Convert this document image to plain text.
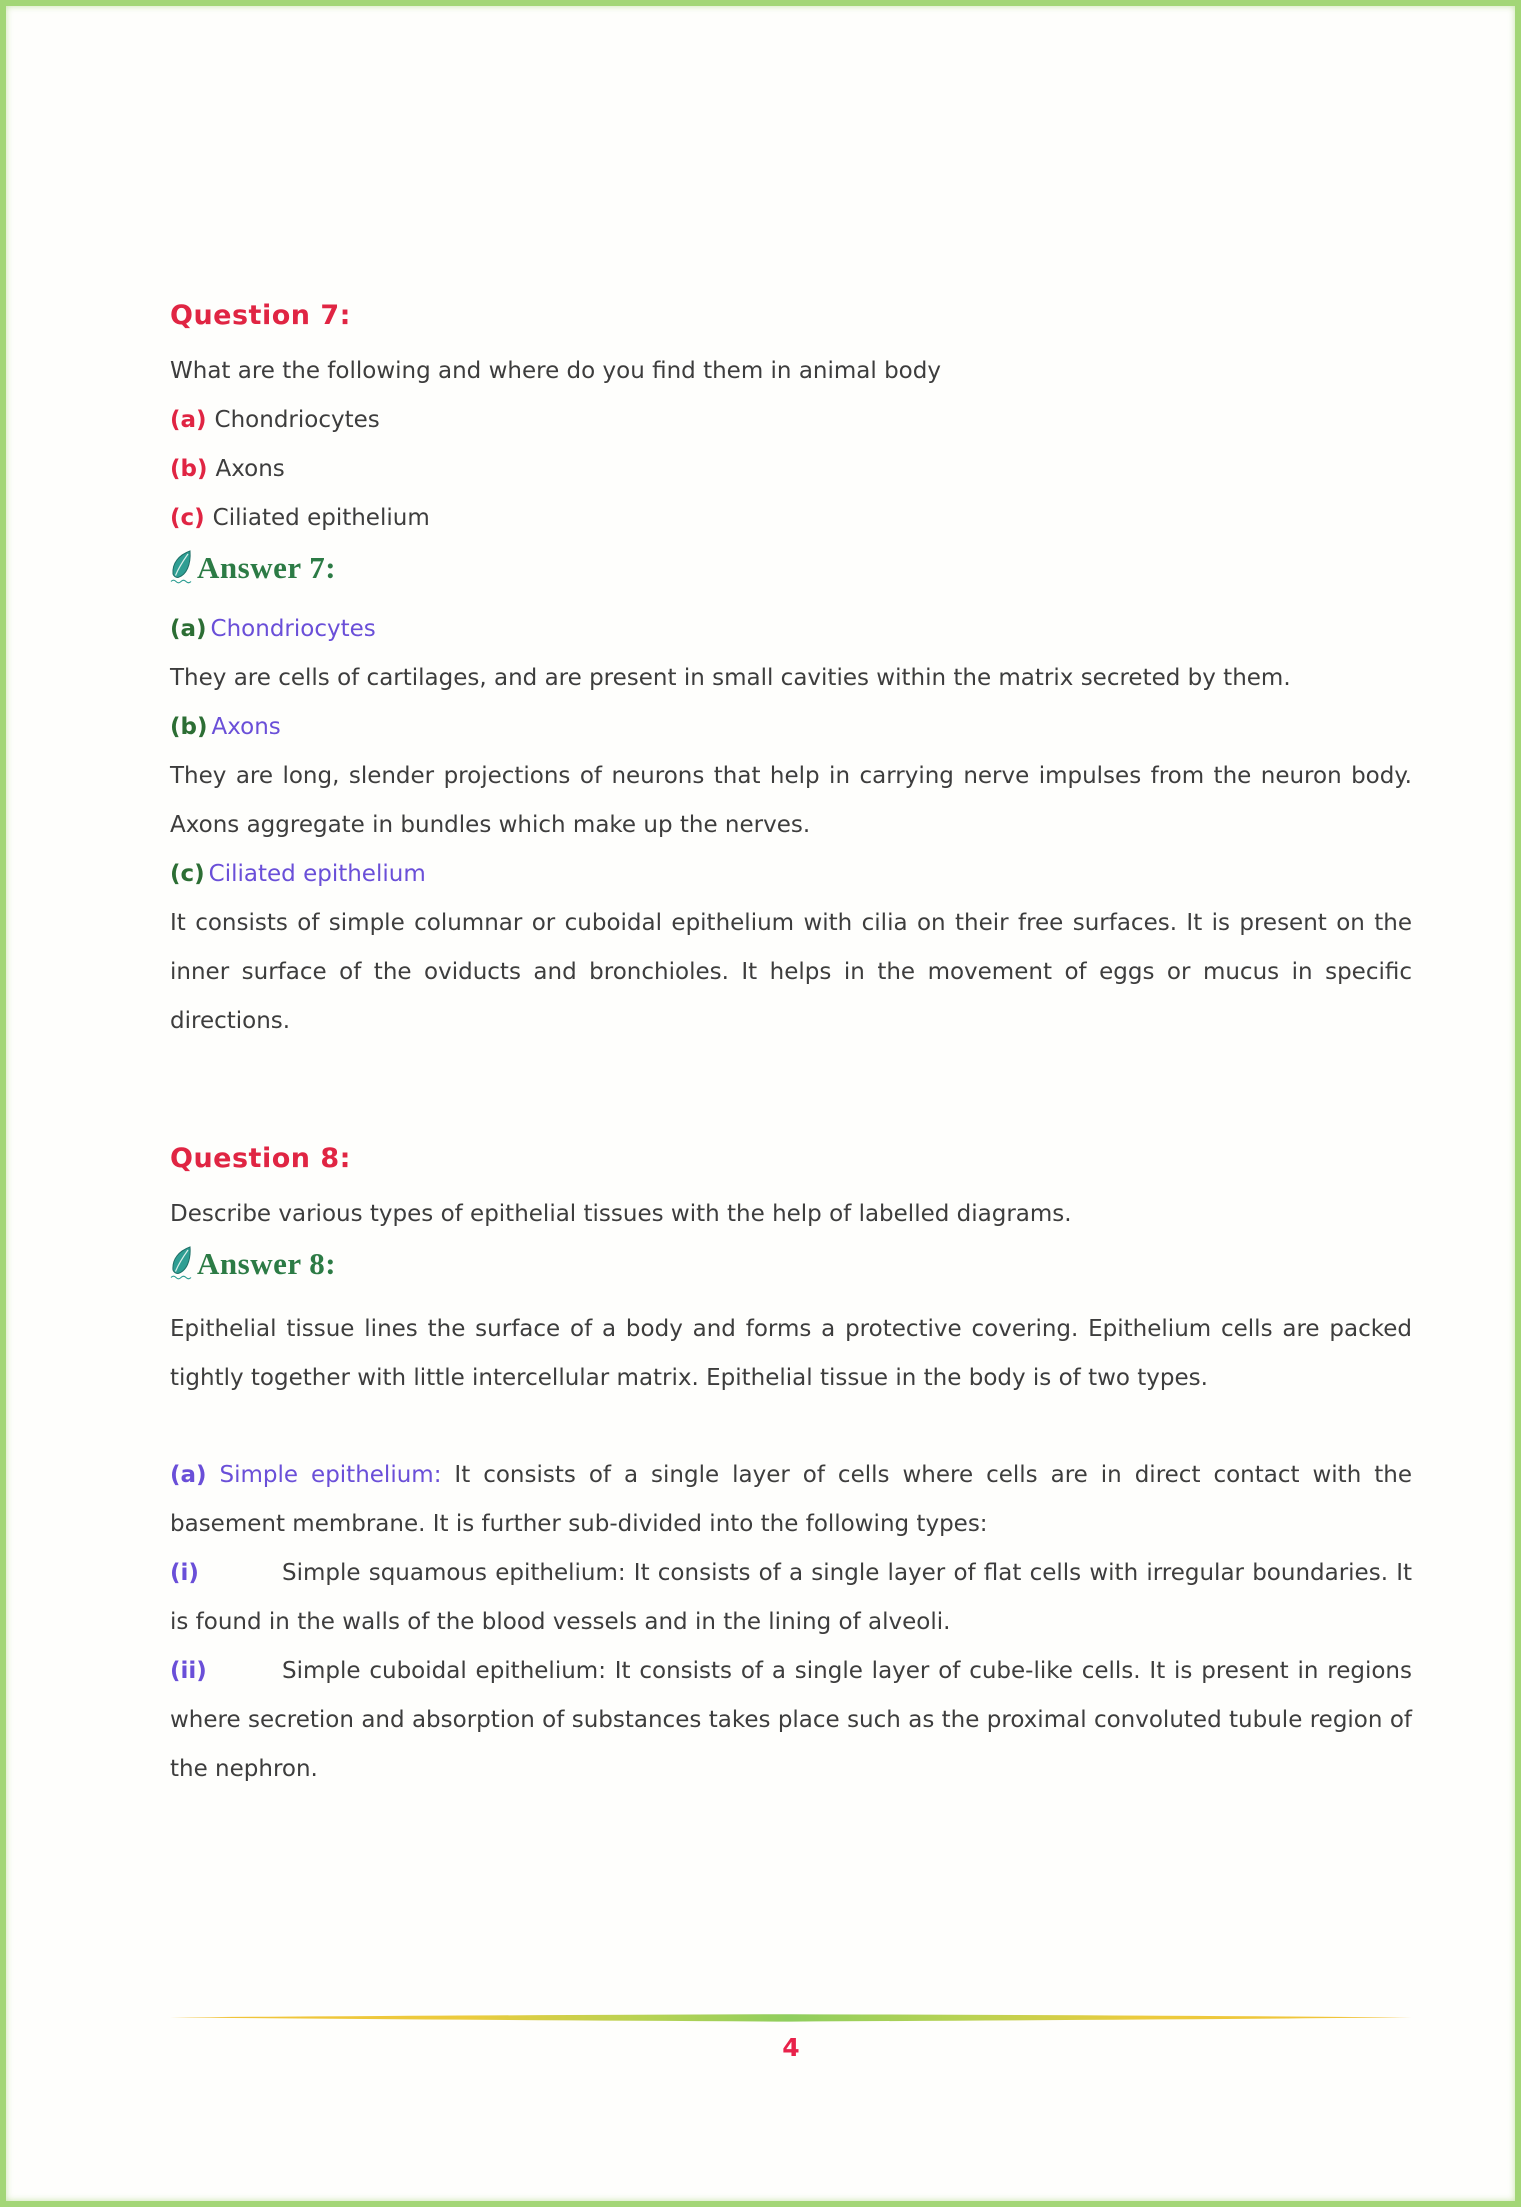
Question 7:

What are the following and where do you find them in animal body

(a) Chondriocytes

(b) Axons

(c) Ciliated epithelium

Answer 7:

(a) Chondriocytes

They are cells of cartilages, and are present in small cavities within the matrix secreted by them.

(b) Axons

They are long, slender projections of neurons that help in carrying nerve impulses from the neuron body. Axons aggregate in bundles which make up the nerves.

(c) Ciliated epithelium

It consists of simple columnar or cuboidal epithelium with cilia on their free surfaces. It is present on the inner surface of the oviducts and bronchioles. It helps in the movement of eggs or mucus in specific directions.

Question 8:

Describe various types of epithelial tissues with the help of labelled diagrams.

Answer 8:

Epithelial tissue lines the surface of a body and forms a protective covering. Epithelium cells are packed tightly together with little intercellular matrix. Epithelial tissue in the body is of two types.

(a) Simple epithelium: It consists of a single layer of cells where cells are in direct contact with the basement membrane. It is further sub-divided into the following types:

(i)	Simple squamous epithelium: It consists of a single layer of flat cells with irregular boundaries. It is found in the walls of the blood vessels and in the lining of alveoli.

(ii)	Simple cuboidal epithelium: It consists of a single layer of cube-like cells. It is present in regions where secretion and absorption of substances takes place such as the proximal convoluted tubule region of the nephron.

4
